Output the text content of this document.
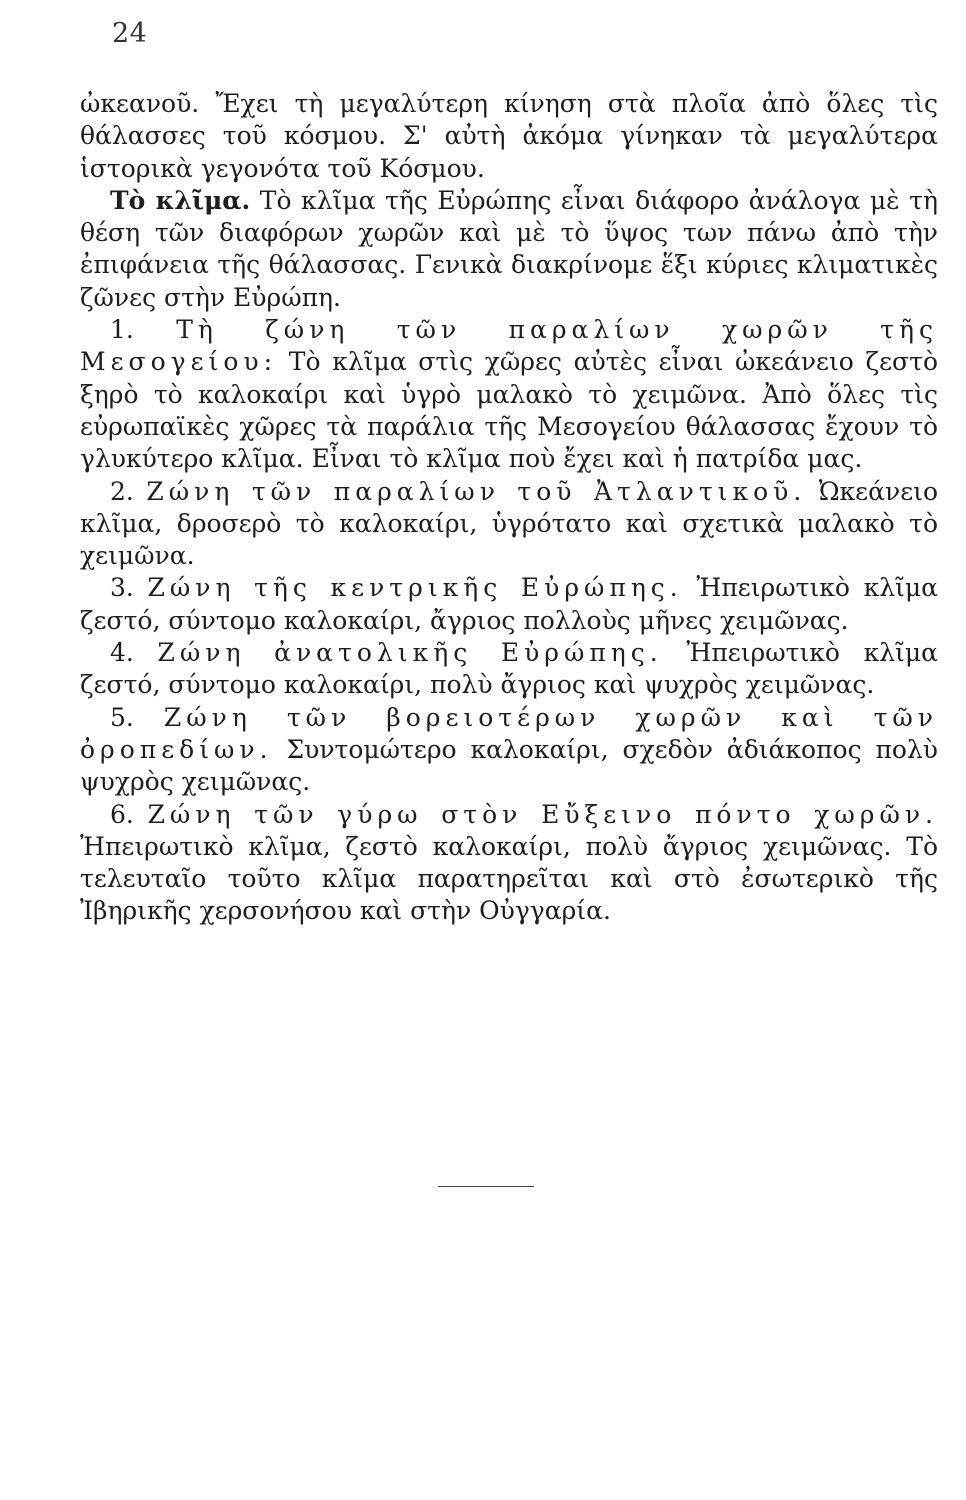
24

ὠκεανοῦ. Ἔχει τὴ μεγαλύτερη κίνηση στὰ πλοῖα ἀπὸ ὅλες τὶς θάλασσες τοῦ κόσμου. Σ' αὐτὴ ἀκόμα γίνηκαν τὰ μεγαλύτερα ἱστορικὰ γεγονότα τοῦ Κόσμου.

Τὸ κλῖμα. Τὸ κλῖμα τῆς Εὐρώπης εἶναι διάφορο ἀνάλογα μὲ τὴ θέση τῶν διαφόρων χωρῶν καὶ μὲ τὸ ὕψος των πάνω ἀπὸ τὴν ἐπιφάνεια τῆς θάλασσας. Γενικὰ διακρίνομε ἕξι κύριες κλιματικὲς ζῶνες στὴν Εὐρώπη.

1. Τὴ ζώνη τῶν παραλίων χωρῶν τῆς Μεσογείου: Τὸ κλῖμα στὶς χῶρες αὐτὲς εἶναι ὠκεάνειο ζεστὸ ξηρὸ τὸ καλοκαίρι καὶ ὑγρὸ μαλακὸ τὸ χειμῶνα. Ἀπὸ ὅλες τὶς εὐρωπαϊκὲς χῶρες τὰ παράλια τῆς Μεσογείου θάλασσας ἔχουν τὸ γλυκύτερο κλῖμα. Εἶναι τὸ κλῖμα ποὺ ἔχει καὶ ἡ πατρίδα μας.

2. Ζώνη τῶν παραλίων τοῦ Ἀτλαντικοῦ. Ὠκεάνειο κλῖμα, δροσερὸ τὸ καλοκαίρι, ὑγρότατο καὶ σχετικὰ μαλακὸ τὸ χειμῶνα.

3. Ζώνη τῆς κεντρικῆς Εὐρώπης. Ἠπειρωτικὸ κλῖμα ζεστό, σύντομο καλοκαίρι, ἄγριος πολλοὺς μῆνες χειμῶνας.

4. Ζώνη ἀνατολικῆς Εὐρώπης. Ἠπειρωτικὸ κλῖμα ζεστό, σύντομο καλοκαίρι, πολὺ ἄγριος καὶ ψυχρὸς χειμῶνας.

5. Ζώνη τῶν βορειοτέρων χωρῶν καὶ τῶν ὀροπεδίων. Συντομώτερο καλοκαίρι, σχεδὸν ἀδιάκοπος πολὺ ψυχρὸς χειμῶνας.

6. Ζώνη τῶν γύρω στὸν Εὔξεινο πόντο χωρῶν. Ἠπειρωτικὸ κλῖμα, ζεστὸ καλοκαίρι, πολὺ ἄγριος χειμῶνας. Τὸ τελευταῖο τοῦτο κλῖμα παρατηρεῖται καὶ στὸ ἐσωτερικὸ τῆς Ἰβηρικῆς χερσονήσου καὶ στὴν Οὐγγαρία.
